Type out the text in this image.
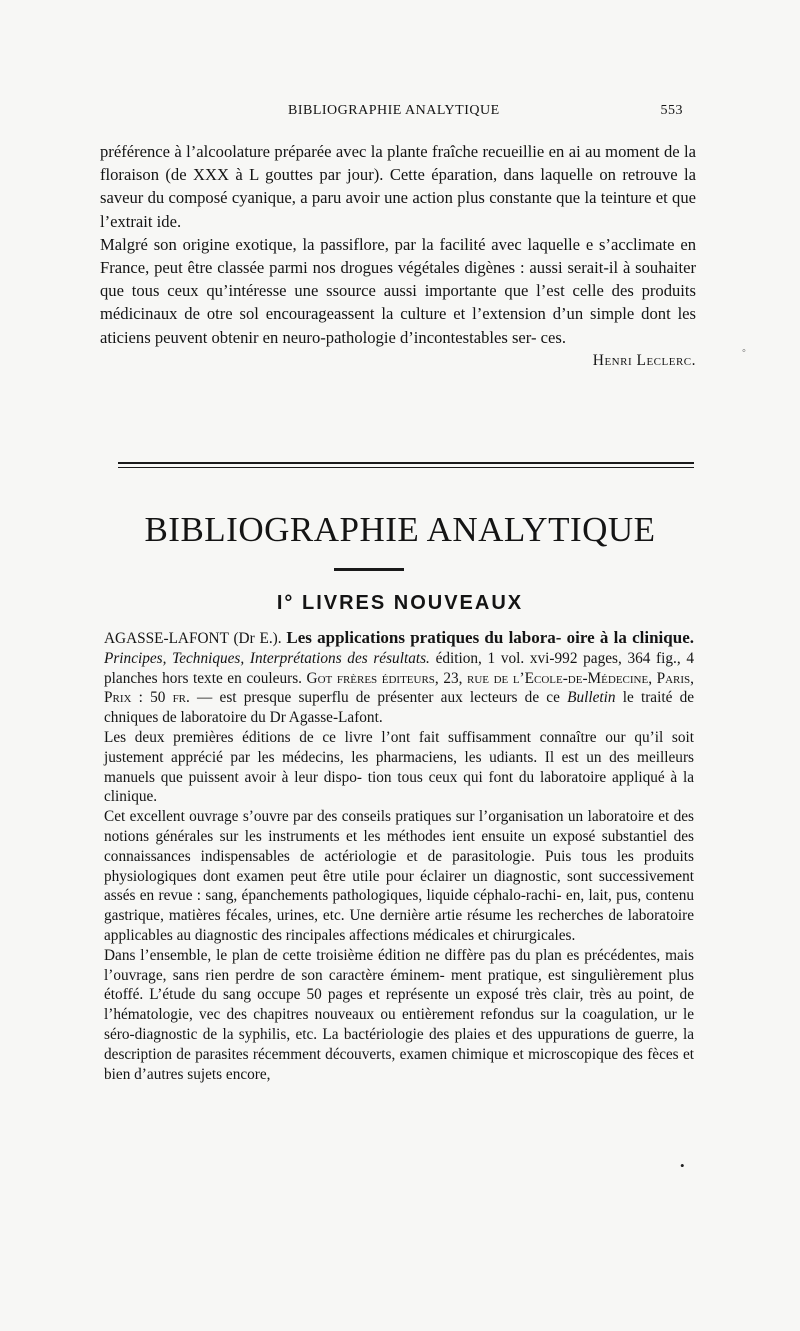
BIBLIOGRAPHIE ANALYTIQUE	553

préférence à l’alcoolature préparée avec la plante fraîche recueillie en ai au moment de la floraison (de XXX à L gouttes par jour). Cette éparation, dans laquelle on retrouve la saveur du composé cyanique, a paru avoir une action plus constante que la teinture et que l’extrait ide.

Malgré son origine exotique, la passiflore, par la facilité avec laquelle e s’acclimate en France, peut être classée parmi nos drogues végétales digènes : aussi serait-il à souhaiter que tous ceux qu’intéresse une ssource aussi importante que l’est celle des produits médicinaux de otre sol encourageassent la culture et l’extension d’un simple dont les aticiens peuvent obtenir en neuro-pathologie d’incontestables ser- ces.

Henri Leclerc.

BIBLIOGRAPHIE ANALYTIQUE
I° LIVRES NOUVEAUX

AGASSE-LAFONT (Dr E.). Les applications pratiques du labora- oire à la clinique. Principes, Techniques, Interprétations des résultats. édition, 1 vol. xvi-992 pages, 364 fig., 4 planches hors texte en couleurs. Got frères éditeurs, 23, rue de l’Ecole-de-Médecine, Paris, Prix : 50 fr. — est presque superflu de présenter aux lecteurs de ce Bulletin le traité de chniques de laboratoire du Dr Agasse-Lafont.

Les deux premières éditions de ce livre l’ont fait suffisamment connaître our qu’il soit justement apprécié par les médecins, les pharmaciens, les udiants. Il est un des meilleurs manuels que puissent avoir à leur dispo- tion tous ceux qui font du laboratoire appliqué à la clinique.

Cet excellent ouvrage s’ouvre par des conseils pratiques sur l’organisation un laboratoire et des notions générales sur les instruments et les méthodes ient ensuite un exposé substantiel des connaissances indispensables de actériologie et de parasitologie. Puis tous les produits physiologiques dont examen peut être utile pour éclairer un diagnostic, sont successivement assés en revue : sang, épanchements pathologiques, liquide céphalo-rachi- en, lait, pus, contenu gastrique, matières fécales, urines, etc. Une dernière artie résume les recherches de laboratoire applicables au diagnostic des rincipales affections médicales et chirurgicales.

Dans l’ensemble, le plan de cette troisième édition ne diffère pas du plan es précédentes, mais l’ouvrage, sans rien perdre de son caractère éminem- ment pratique, est singulièrement plus étoffé. L’étude du sang occupe 50 pages et représente un exposé très clair, très au point, de l’hématologie, vec des chapitres nouveaux ou entièrement refondus sur la coagulation, ur le séro-diagnostic de la syphilis, etc. La bactériologie des plaies et des uppurations de guerre, la description de parasites récemment découverts, examen chimique et microscopique des fèces et bien d’autres sujets encore,

◦
•
